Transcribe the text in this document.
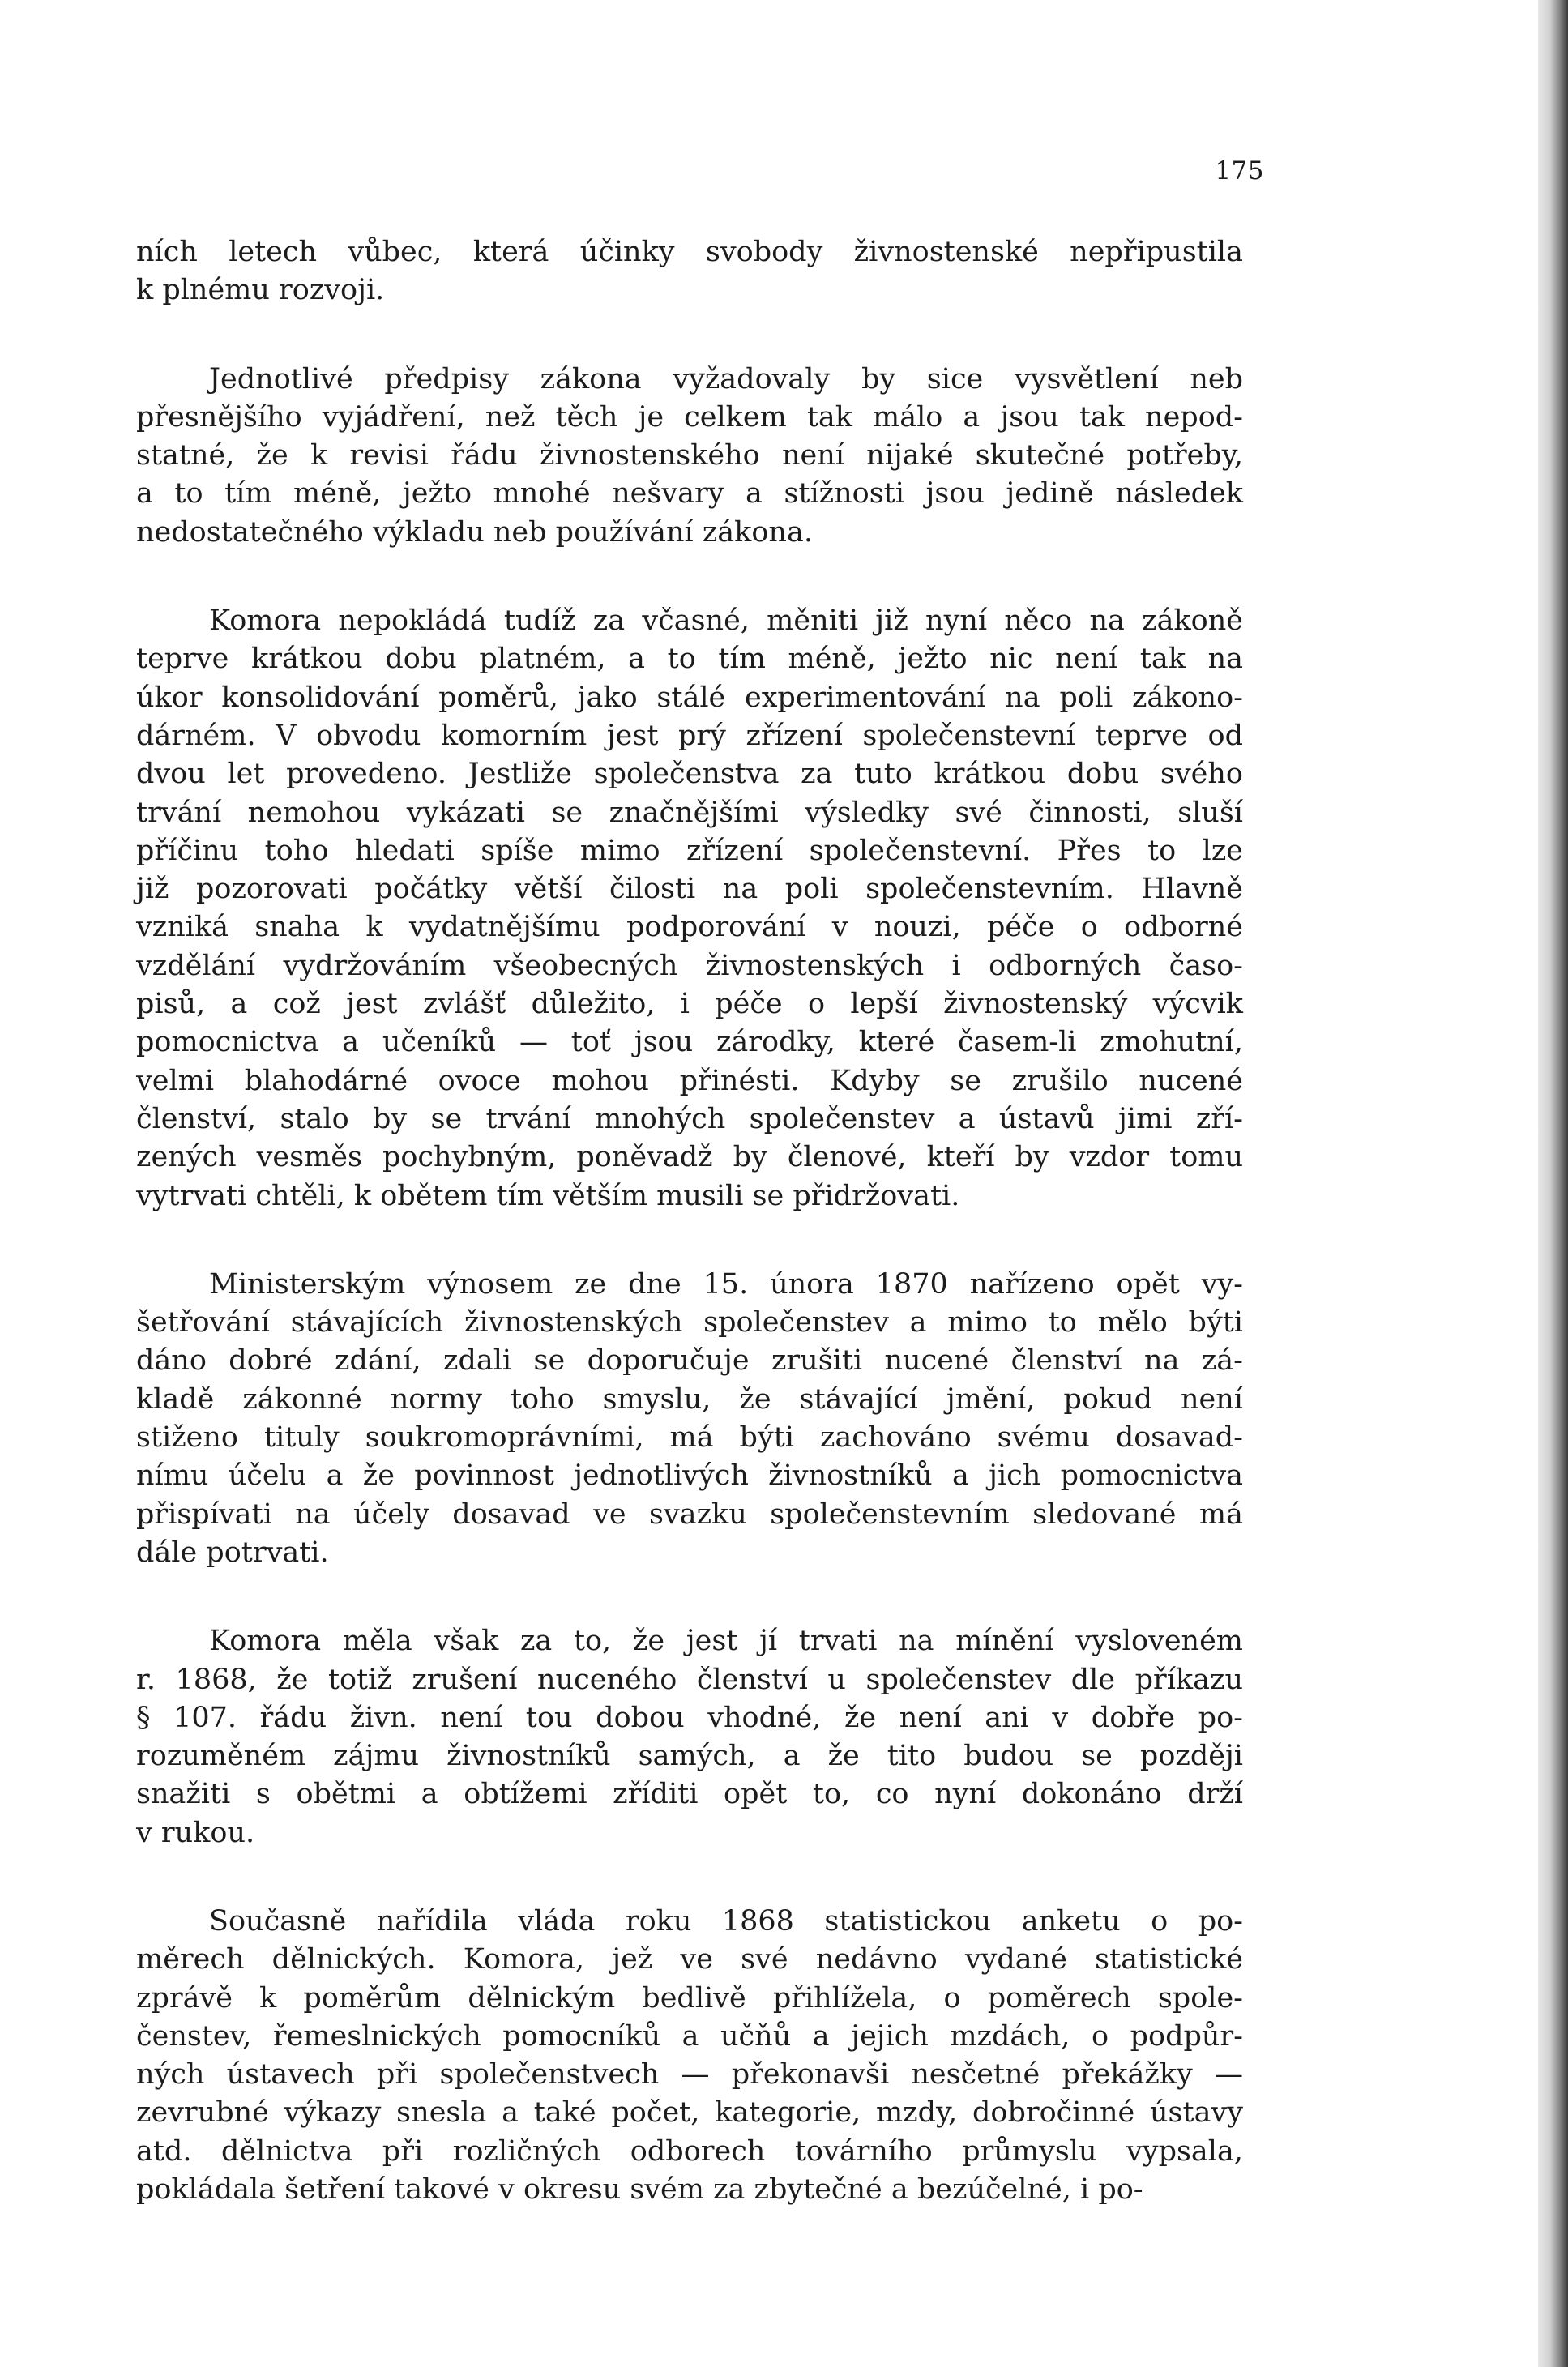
175

ních letech vůbec, která účinky svobody živnostenské nepřipustila
k plnému rozvoji.

Jednotlivé předpisy zákona vyžadovaly by sice vysvětlení neb
přesnějšího vyjádření, než těch je celkem tak málo a jsou tak nepod-
statné, že k revisi řádu živnostenského není nijaké skutečné potřeby,
a to tím méně, ježto mnohé nešvary a stížnosti jsou jedině následek
nedostatečného výkladu neb používání zákona.

Komora nepokládá tudíž za včasné, měniti již nyní něco na zákoně
teprve krátkou dobu platném, a to tím méně, ježto nic není tak na
úkor konsolidování poměrů, jako stálé experimentování na poli zákono-
dárném. V obvodu komorním jest prý zřízení společenstevní teprve od
dvou let provedeno. Jestliže společenstva za tuto krátkou dobu svého
trvání nemohou vykázati se značnějšími výsledky své činnosti, sluší
příčinu toho hledati spíše mimo zřízení společenstevní. Přes to lze
již pozorovati počátky větší čilosti na poli společenstevním. Hlavně
vzniká snaha k vydatnějšímu podporování v nouzi, péče o odborné
vzdělání vydržováním všeobecných živnostenských i odborných časo-
pisů, a což jest zvlášť důležito, i péče o lepší živnostenský výcvik
pomocnictva a učeníků — toť jsou zárodky, které časem-li zmohutní,
velmi blahodárné ovoce mohou přinésti. Kdyby se zrušilo nucené
členství, stalo by se trvání mnohých společenstev a ústavů jimi zří-
zených vesměs pochybným, poněvadž by členové, kteří by vzdor tomu
vytrvati chtěli, k obětem tím větším musili se přidržovati.

Ministerským výnosem ze dne 15. února 1870 nařízeno opět vy-
šetřování stávajících živnostenských společenstev a mimo to mělo býti
dáno dobré zdání, zdali se doporučuje zrušiti nucené členství na zá-
kladě zákonné normy toho smyslu, že stávající jmění, pokud není
stiženo tituly soukromoprávními, má býti zachováno svému dosavad-
nímu účelu a že povinnost jednotlivých živnostníků a jich pomocnictva
přispívati na účely dosavad ve svazku společenstevním sledované má
dále potrvati.

Komora měla však za to, že jest jí trvati na mínění vysloveném
r. 1868, že totiž zrušení nuceného členství u společenstev dle příkazu
§ 107. řádu živn. není tou dobou vhodné, že není ani v dobře po-
rozuměném zájmu živnostníků samých, a že tito budou se později
snažiti s obětmi a obtížemi zříditi opět to, co nyní dokonáno drží
v rukou.

Současně nařídila vláda roku 1868 statistickou anketu o po-
měrech dělnických. Komora, jež ve své nedávno vydané statistické
zprávě k poměrům dělnickým bedlivě přihlížela, o poměrech spole-
čenstev, řemeslnických pomocníků a učňů a jejich mzdách, o podpůr-
ných ústavech při společenstvech — překonavši nesčetné překážky —
zevrubné výkazy snesla a také počet, kategorie, mzdy, dobročinné ústavy
atd. dělnictva při rozličných odborech továrního průmyslu vypsala,
pokládala šetření takové v okresu svém za zbytečné a bezúčelné, i po-
